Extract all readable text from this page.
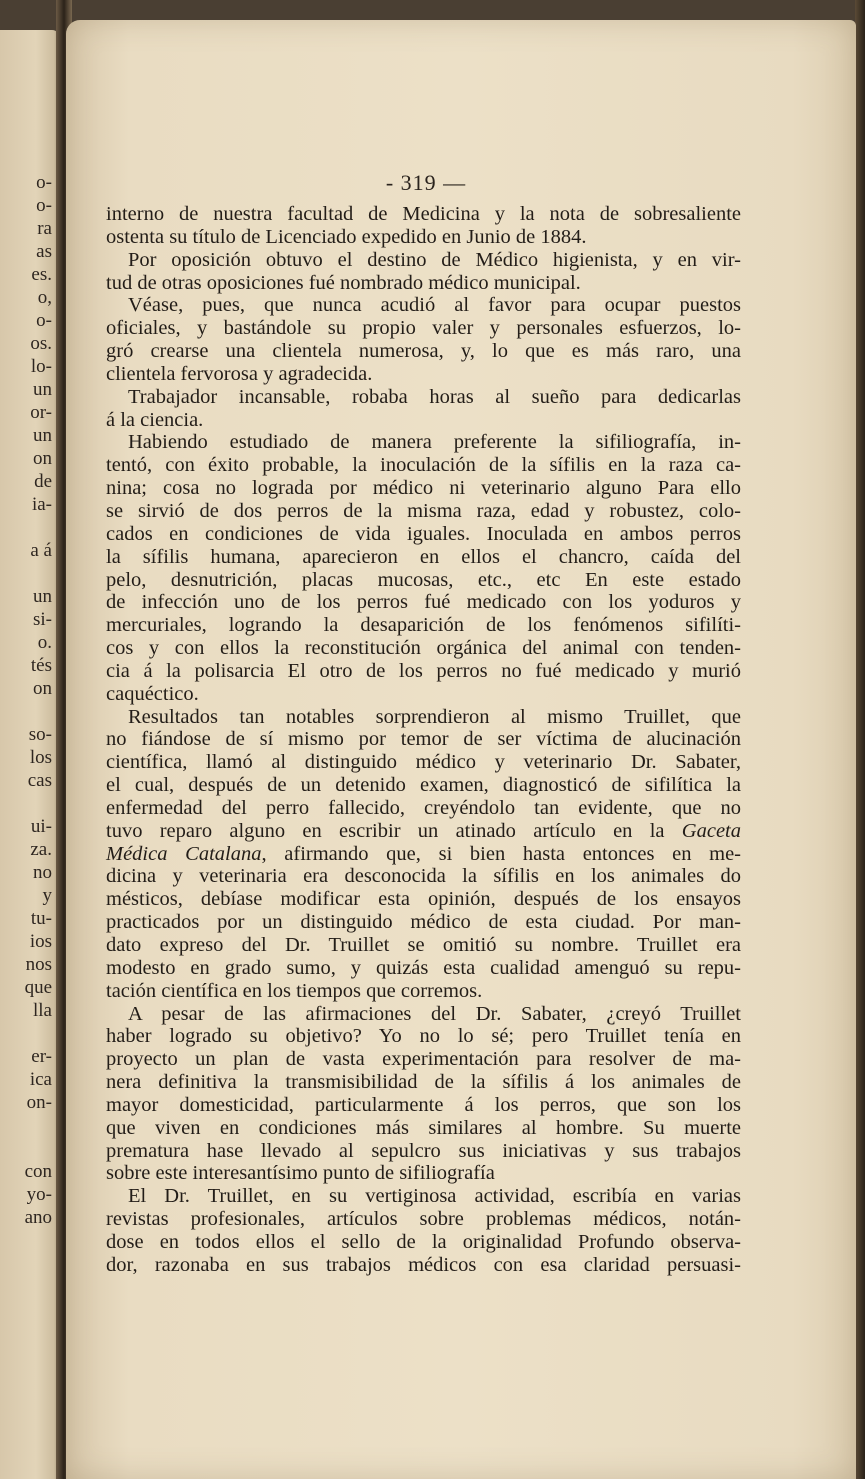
o-
o-
ra
as
es.
o,
o-
os.
lo-
un
or-
un
on
de
ia-
a á
un
si-
o.
tés
on
so-
los
cas
ui-
za.
no
y
tu-
ios
nos
que
lla
er-
ica
on-
con
yo-
ano
- 319 —
interno de nuestra facultad de Medicina y la nota de sobresaliente
ostenta su título de Licenciado expedido en Junio de 1884.
Por oposición obtuvo el destino de Médico higienista, y en vir-
tud de otras oposiciones fué nombrado médico municipal.
Véase, pues, que nunca acudió al favor para ocupar puestos
oficiales, y bastándole su propio valer y personales esfuerzos, lo-
gró crearse una clientela numerosa, y, lo que es más raro, una
clientela fervorosa y agradecida.
Trabajador incansable, robaba horas al sueño para dedicarlas
á la ciencia.
Habiendo estudiado de manera preferente la sifiliografía, in-
tentó, con éxito probable, la inoculación de la sífilis en la raza ca-
nina; cosa no lograda por médico ni veterinario alguno Para ello
se sirvió de dos perros de la misma raza, edad y robustez, colo-
cados en condiciones de vida iguales. Inoculada en ambos perros
la sífilis humana, aparecieron en ellos el chancro, caída del
pelo, desnutrición, placas mucosas, etc., etc En este estado
de infección uno de los perros fué medicado con los yoduros y
mercuriales, logrando la desaparición de los fenómenos sifilíti-
cos y con ellos la reconstitución orgánica del animal con tenden-
cia á la polisarcia El otro de los perros no fué medicado y murió
caquéctico.
Resultados tan notables sorprendieron al mismo Truillet, que
no fiándose de sí mismo por temor de ser víctima de alucinación
científica, llamó al distinguido médico y veterinario Dr. Sabater,
el cual, después de un detenido examen, diagnosticó de sifilítica la
enfermedad del perro fallecido, creyéndolo tan evidente, que no
tuvo reparo alguno en escribir un atinado artículo en la Gaceta
Médica Catalana, afirmando que, si bien hasta entonces en me-
dicina y veterinaria era desconocida la sífilis en los animales do
mésticos, debíase modificar esta opinión, después de los ensayos
practicados por un distinguido médico de esta ciudad. Por man-
dato expreso del Dr. Truillet se omitió su nombre. Truillet era
modesto en grado sumo, y quizás esta cualidad amenguó su repu-
tación científica en los tiempos que corremos.
A pesar de las afirmaciones del Dr. Sabater, ¿creyó Truillet
haber logrado su objetivo? Yo no lo sé; pero Truillet tenía en
proyecto un plan de vasta experimentación para resolver de ma-
nera definitiva la transmisibilidad de la sífilis á los animales de
mayor domesticidad, particularmente á los perros, que son los
que viven en condiciones más similares al hombre. Su muerte
prematura hase llevado al sepulcro sus iniciativas y sus trabajos
sobre este interesantísimo punto de sifiliografía
El Dr. Truillet, en su vertiginosa actividad, escribía en varias
revistas profesionales, artículos sobre problemas médicos, notán-
dose en todos ellos el sello de la originalidad Profundo observa-
dor, razonaba en sus trabajos médicos con esa claridad persuasi-
